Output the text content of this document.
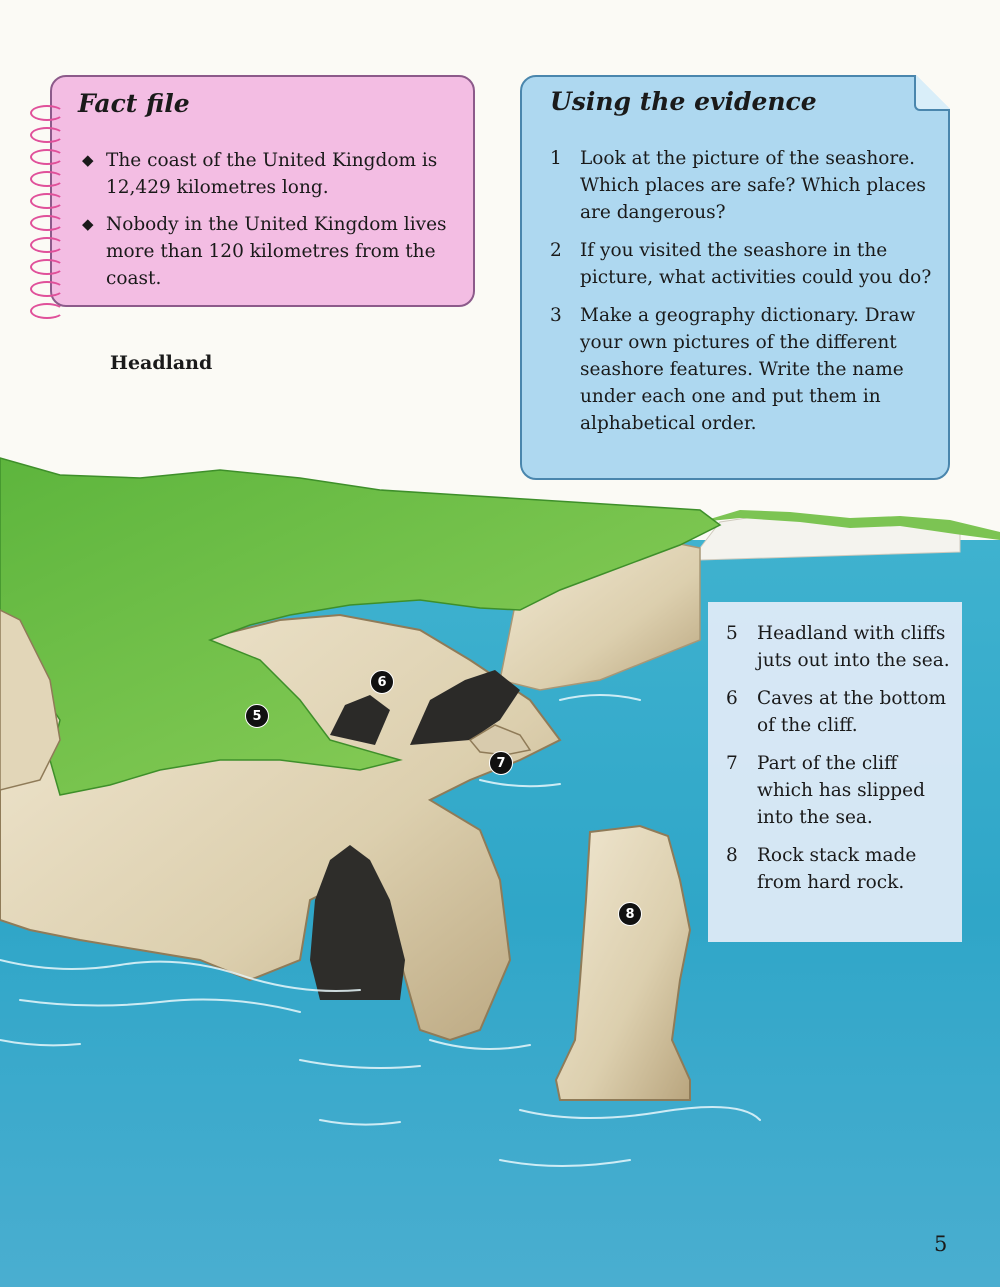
Fact file
◆ The coast of the United Kingdom is 12,429 kilometres long.
◆ Nobody in the United Kingdom lives more than 120 kilometres from the coast.
Using the evidence
1 Look at the picture of the seashore. Which places are safe? Which places are dangerous?
2 If you visited the seashore in the picture, what activities could you do?
3 Make a geography dictionary. Draw your own pictures of the different seashore features. Write the name under each one and put them in alphabetical order.

Headland

5
6
7
8
5	Headland with cliffs juts out into the sea.
6	Caves at the bottom of the cliff.
7	Part of the cliff which has slipped into the sea.
8	Rock stack made from hard rock.

5
